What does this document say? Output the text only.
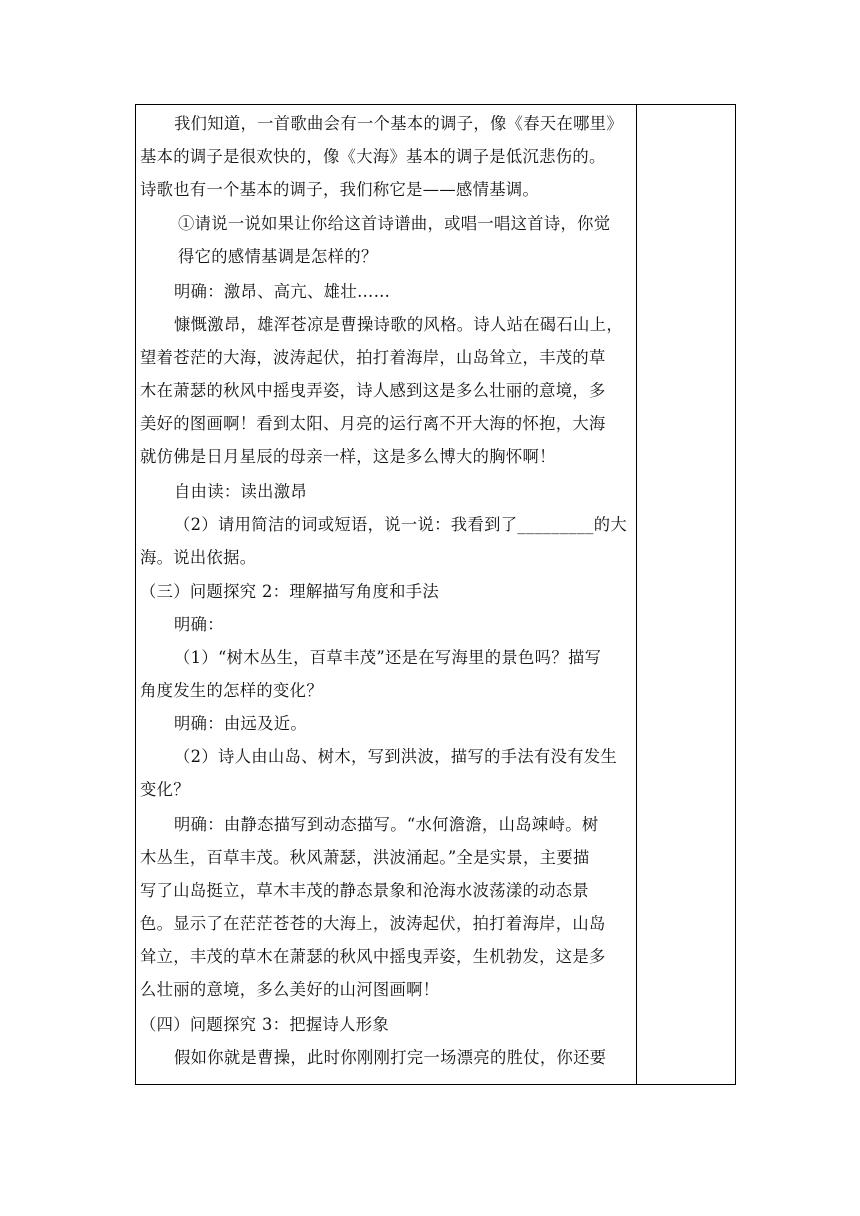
我们知道，一首歌曲会有一个基本的调子，像《春天在哪里》
基本的调子是很欢快的，像《大海》基本的调子是低沉悲伤的。
诗歌也有一个基本的调子，我们称它是——感情基调。
①请说一说如果让你给这首诗谱曲，或唱一唱这首诗，你觉
得它的感情基调是怎样的？
明确：激昂、高亢、雄壮……
慷慨激昂，雄浑苍凉是曹操诗歌的风格。诗人站在碣石山上，
望着苍茫的大海，波涛起伏，拍打着海岸，山岛耸立，丰茂的草
木在萧瑟的秋风中摇曳弄姿，诗人感到这是多么壮丽的意境，多
美好的图画啊！看到太阳、月亮的运行离不开大海的怀抱，大海
就仿佛是日月星辰的母亲一样，这是多么博大的胸怀啊！
自由读：读出激昂
（2）请用简洁的词或短语，说一说：我看到了_________的大
海。说出依据。
（三）问题探究 2：理解描写角度和手法
明确：
（1）“树木丛生，百草丰茂”还是在写海里的景色吗？描写
角度发生的怎样的变化？
明确：由远及近。
（2）诗人由山岛、树木，写到洪波，描写的手法有没有发生
变化？
明确：由静态描写到动态描写。“水何澹澹，山岛竦峙。树
木丛生，百草丰茂。秋风萧瑟，洪波涌起。”全是实景，主要描
写了山岛挺立，草木丰茂的静态景象和沧海水波荡漾的动态景
色。显示了在茫茫苍苍的大海上，波涛起伏，拍打着海岸，山岛
耸立，丰茂的草木在萧瑟的秋风中摇曳弄姿，生机勃发，这是多
么壮丽的意境，多么美好的山河图画啊！
（四）问题探究 3：把握诗人形象
假如你就是曹操，此时你刚刚打完一场漂亮的胜仗，你还要
